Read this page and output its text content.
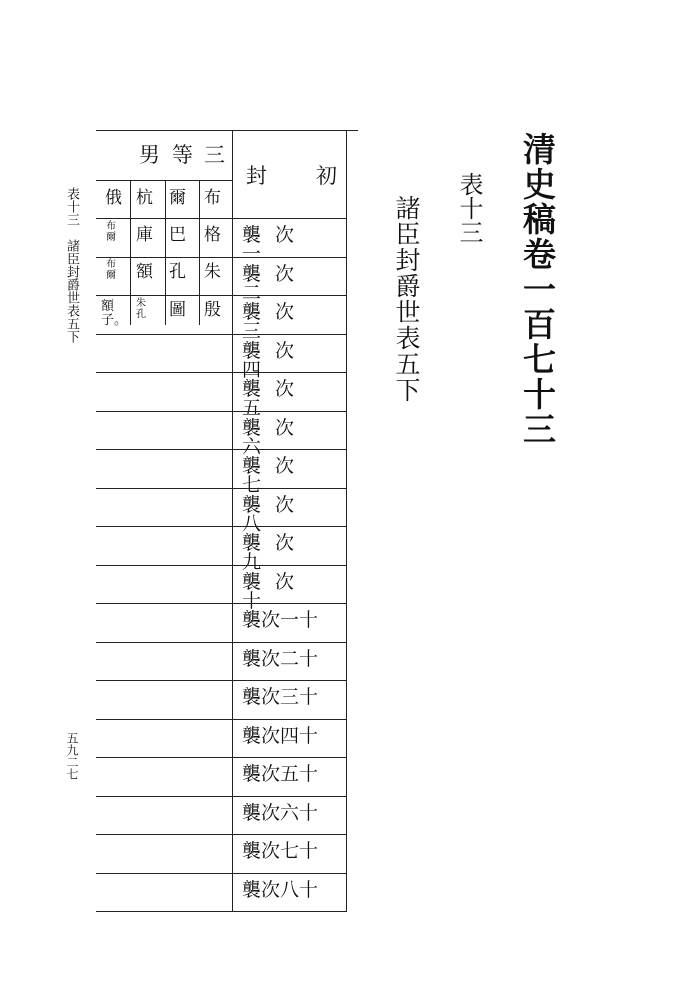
清史稿卷一百七十三
表十三
諸臣封爵世表五下
表十三　諸臣封爵世表五下
五九二七
初
封
三
等
男
布
爾
杭
俄
格
巴
庫
布爾
朱
孔
額
布爾
殷
圖
朱孔
額子。
襲次　一
襲次　二
襲次　三
襲次　四
襲次　五
襲次　六
襲次　七
襲次　八
襲次　九
襲次　十
襲次一十
襲次二十
襲次三十
襲次四十
襲次五十
襲次六十
襲次七十
襲次八十
